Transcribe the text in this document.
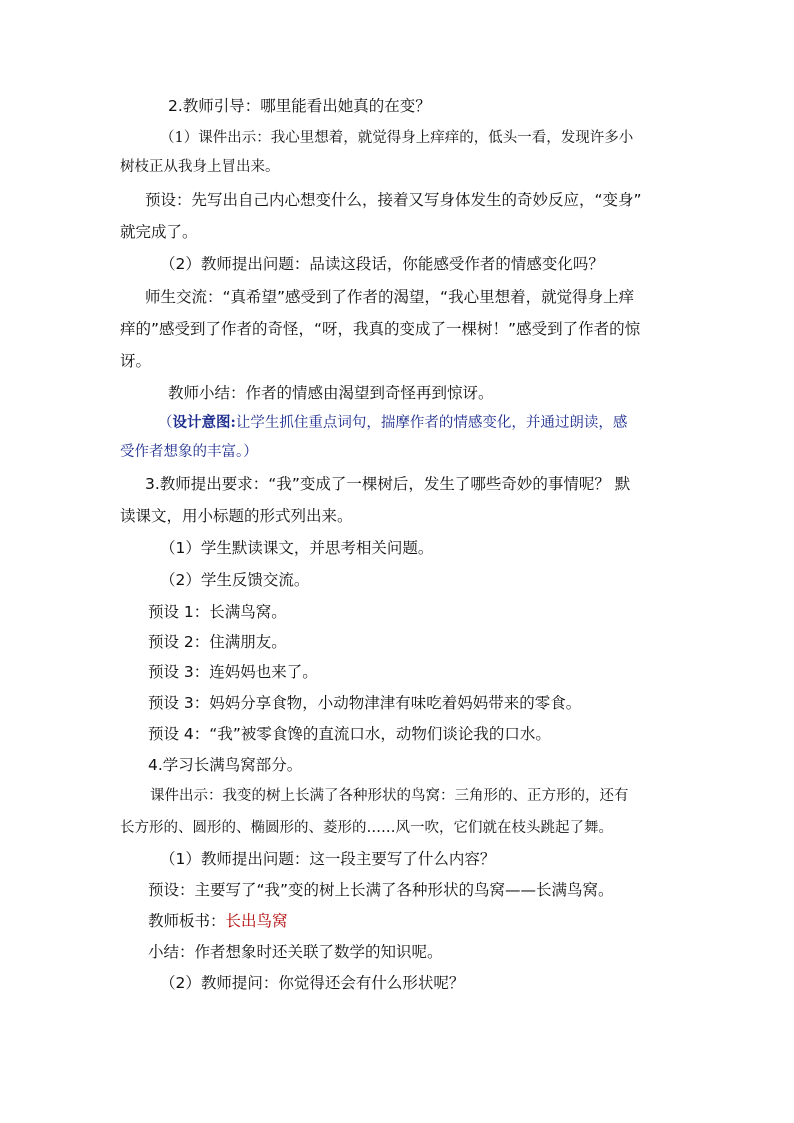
2.教师引导：哪里能看出她真的在变？
（1）课件出示：我心里想着，就觉得身上痒痒的，低头一看，发现许多小
树枝正从我身上冒出来。
预设：先写出自己内心想变什么，接着又写身体发生的奇妙反应，“变身”
就完成了。
（2）教师提出问题：品读这段话，你能感受作者的情感变化吗？
师生交流：“真希望”感受到了作者的渴望，“我心里想着，就觉得身上痒
痒的”感受到了作者的奇怪，“呀，我真的变成了一棵树！”感受到了作者的惊
讶。
教师小结：作者的情感由渴望到奇怪再到惊讶。
（设计意图:让学生抓住重点词句，揣摩作者的情感变化，并通过朗读，感
受作者想象的丰富。）
3.教师提出要求：“我”变成了一棵树后，发生了哪些奇妙的事情呢？ 默
读课文，用小标题的形式列出来。
（1）学生默读课文，并思考相关问题。
（2）学生反馈交流。
预设 1：长满鸟窝。
预设 2：住满朋友。
预设 3：连妈妈也来了。
预设 3：妈妈分享食物，小动物津津有味吃着妈妈带来的零食。
预设 4：“我”被零食馋的直流口水，动物们谈论我的口水。
4.学习长满鸟窝部分。
课件出示：我变的树上长满了各种形状的鸟窝：三角形的、正方形的，还有
长方形的、圆形的、椭圆形的、菱形的……风一吹，它们就在枝头跳起了舞。
（1）教师提出问题：这一段主要写了什么内容？
预设：主要写了“我”变的树上长满了各种形状的鸟窝——长满鸟窝。
教师板书：长出鸟窝
小结：作者想象时还关联了数学的知识呢。
（2）教师提问：你觉得还会有什么形状呢？
